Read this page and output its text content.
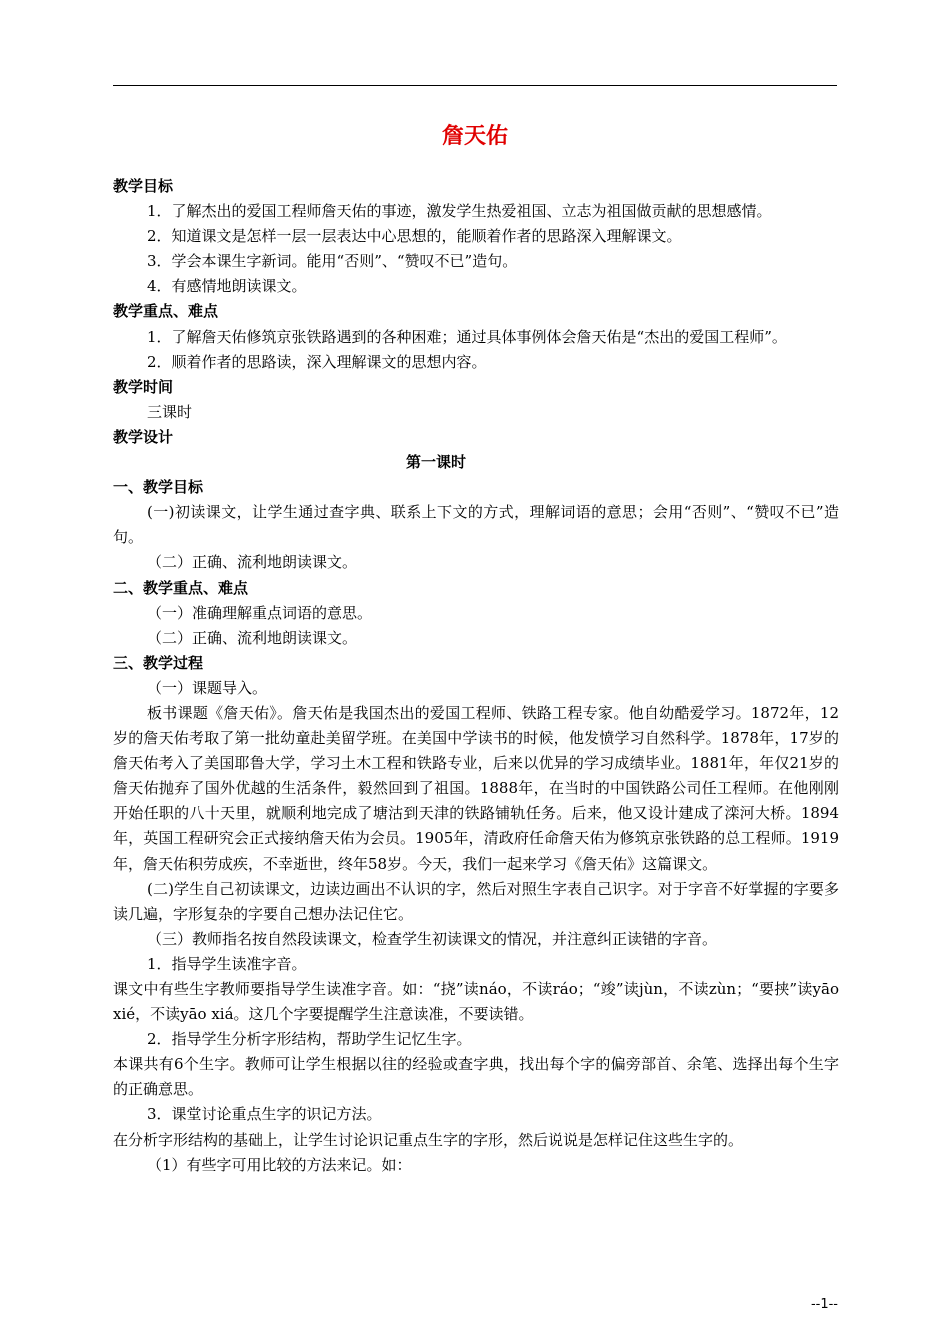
詹天佑

教学目标

1．了解杰出的爱国工程师詹天佑的事迹，激发学生热爱祖国、立志为祖国做贡献的思想感情。

2．知道课文是怎样一层一层表达中心思想的，能顺着作者的思路深入理解课文。

3．学会本课生字新词。能用“否则”、“赞叹不已”造句。

4．有感情地朗读课文。

教学重点、难点

1．了解詹天佑修筑京张铁路遇到的各种困难；通过具体事例体会詹天佑是“杰出的爱国工程师”。

2．顺着作者的思路读，深入理解课文的思想内容。

教学时间

三课时

教学设计

第一课时

一、教学目标

(一)初读课文，让学生通过查字典、联系上下文的方式，理解词语的意思；会用“否则”、“赞叹不已”造句。

（二）正确、流利地朗读课文。

二、教学重点、难点

（一）准确理解重点词语的意思。

（二）正确、流利地朗读课文。

三、教学过程

（一）课题导入。

板书课题《詹天佑》。詹天佑是我国杰出的爱国工程师、铁路工程专家。他自幼酷爱学习。1872年，12岁的詹天佑考取了第一批幼童赴美留学班。在美国中学读书的时候，他发愤学习自然科学。1878年，17岁的詹天佑考入了美国耶鲁大学，学习土木工程和铁路专业，后来以优异的学习成绩毕业。1881年，年仅21岁的詹天佑抛弃了国外优越的生活条件，毅然回到了祖国。1888年，在当时的中国铁路公司任工程师。在他刚刚开始任职的八十天里，就顺利地完成了塘沽到天津的铁路铺轨任务。后来，他又设计建成了滦河大桥。1894年，英国工程研究会正式接纳詹天佑为会员。1905年，清政府任命詹天佑为修筑京张铁路的总工程师。1919年，詹天佑积劳成疾，不幸逝世，终年58岁。今天，我们一起来学习《詹天佑》这篇课文。

(二)学生自己初读课文，边读边画出不认识的字，然后对照生字表自己识字。对于字音不好掌握的字要多读几遍，字形复杂的字要自己想办法记住它。

（三）教师指名按自然段读课文，检查学生初读课文的情况，并注意纠正读错的字音。

1．指导学生读准字音。

课文中有些生字教师要指导学生读准字音。如：“挠”读náo，不读ráo；“竣”读jùn，不读zùn；“要挟”读yāo xié，不读yāo xiá。这几个字要提醒学生注意读准，不要读错。

2．指导学生分析字形结构，帮助学生记忆生字。

本课共有6个生字。教师可让学生根据以往的经验或查字典，找出每个字的偏旁部首、余笔、选择出每个生字的正确意思。

3．课堂讨论重点生字的识记方法。

在分析字形结构的基础上，让学生讨论识记重点生字的字形，然后说说是怎样记住这些生字的。

（1）有些字可用比较的方法来记。如：

--1--
